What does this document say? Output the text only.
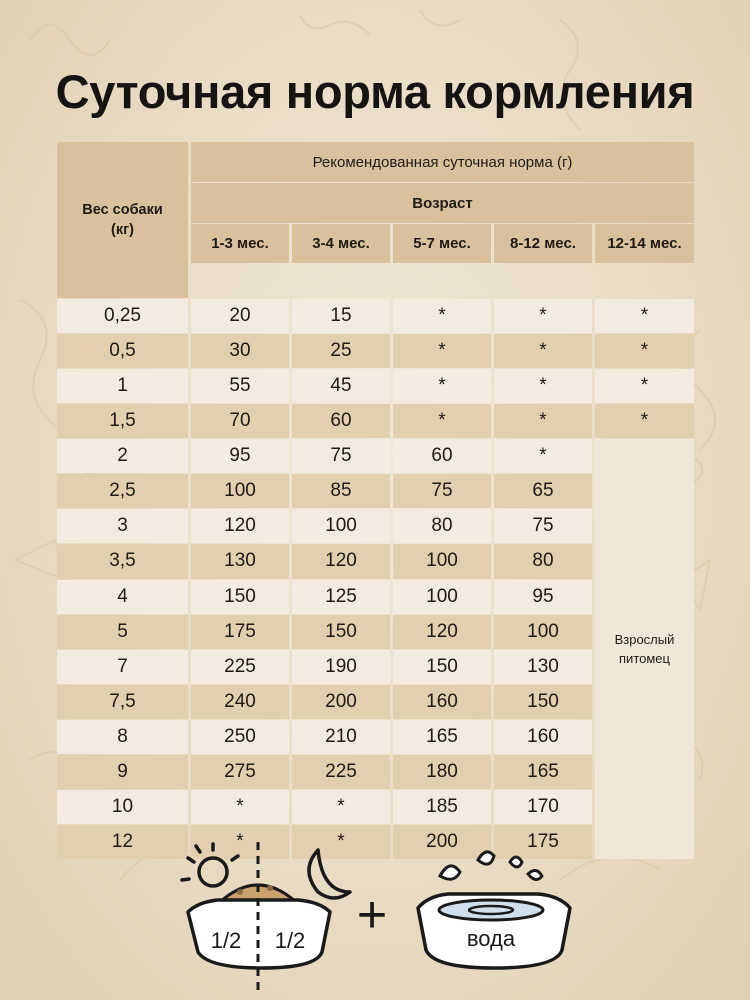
Суточная норма кормления
Вес собаки
(кг)
Рекомендованная суточная норма (г)
Возраст
1-3 мес.	3-4 мес.	5-7 мес.	8-12 мес.	12-14 мес.
Взрослый
питомец
0,25	20	15	*	*	*
0,5	30	25	*	*	*
1	55	45	*	*	*
1,5	70	60	*	*	*
2	95	75	60	*
2,5	100	85	75	65
3	120	100	80	75
3,5	130	120	100	80
4	150	125	100	95
5	175	150	120	100
7	225	190	150	130
7,5	240	200	160	150
8	250	210	165	160
9	275	225	180	165
10	*	*	185	170
12	*	*	200	175
1/2 1/2 +	вода
